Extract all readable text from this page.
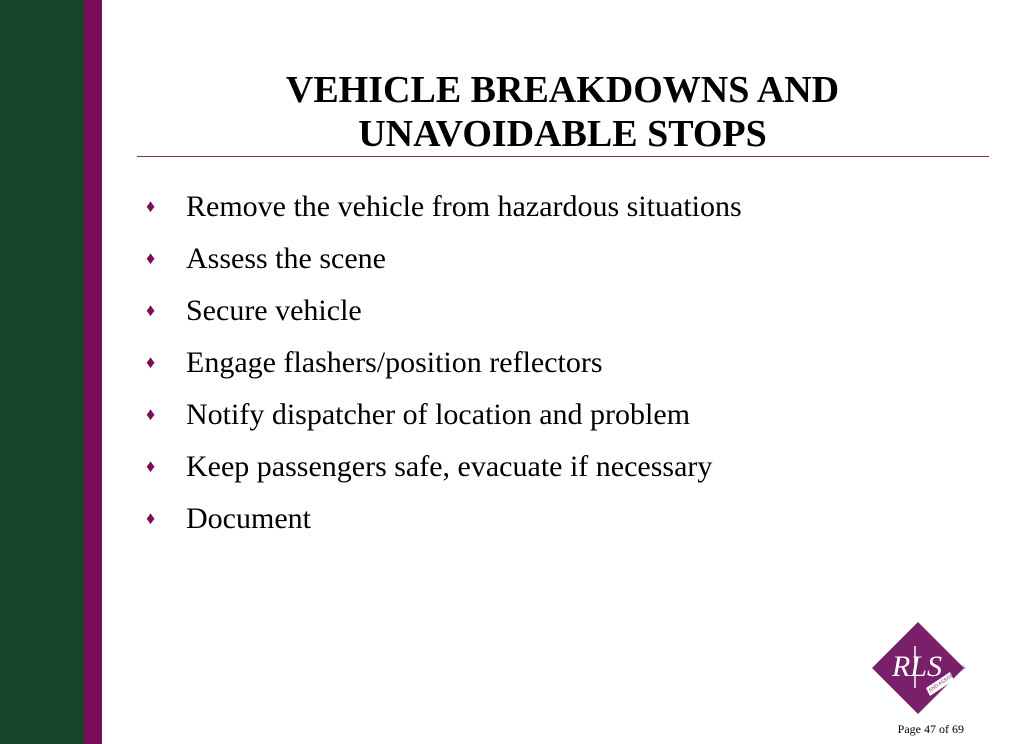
VEHICLE BREAKDOWNS AND
UNAVOIDABLE STOPS
♦	Remove the vehicle from hazardous situations
♦	Assess the scene
♦	Secure vehicle
♦	Engage flashers/position reflectors
♦	Notify dispatcher of location and problem
♦	Keep passengers safe, evacuate if necessary
♦	Document
RLS
AND ASSOCIATES
Page 47 of 69
